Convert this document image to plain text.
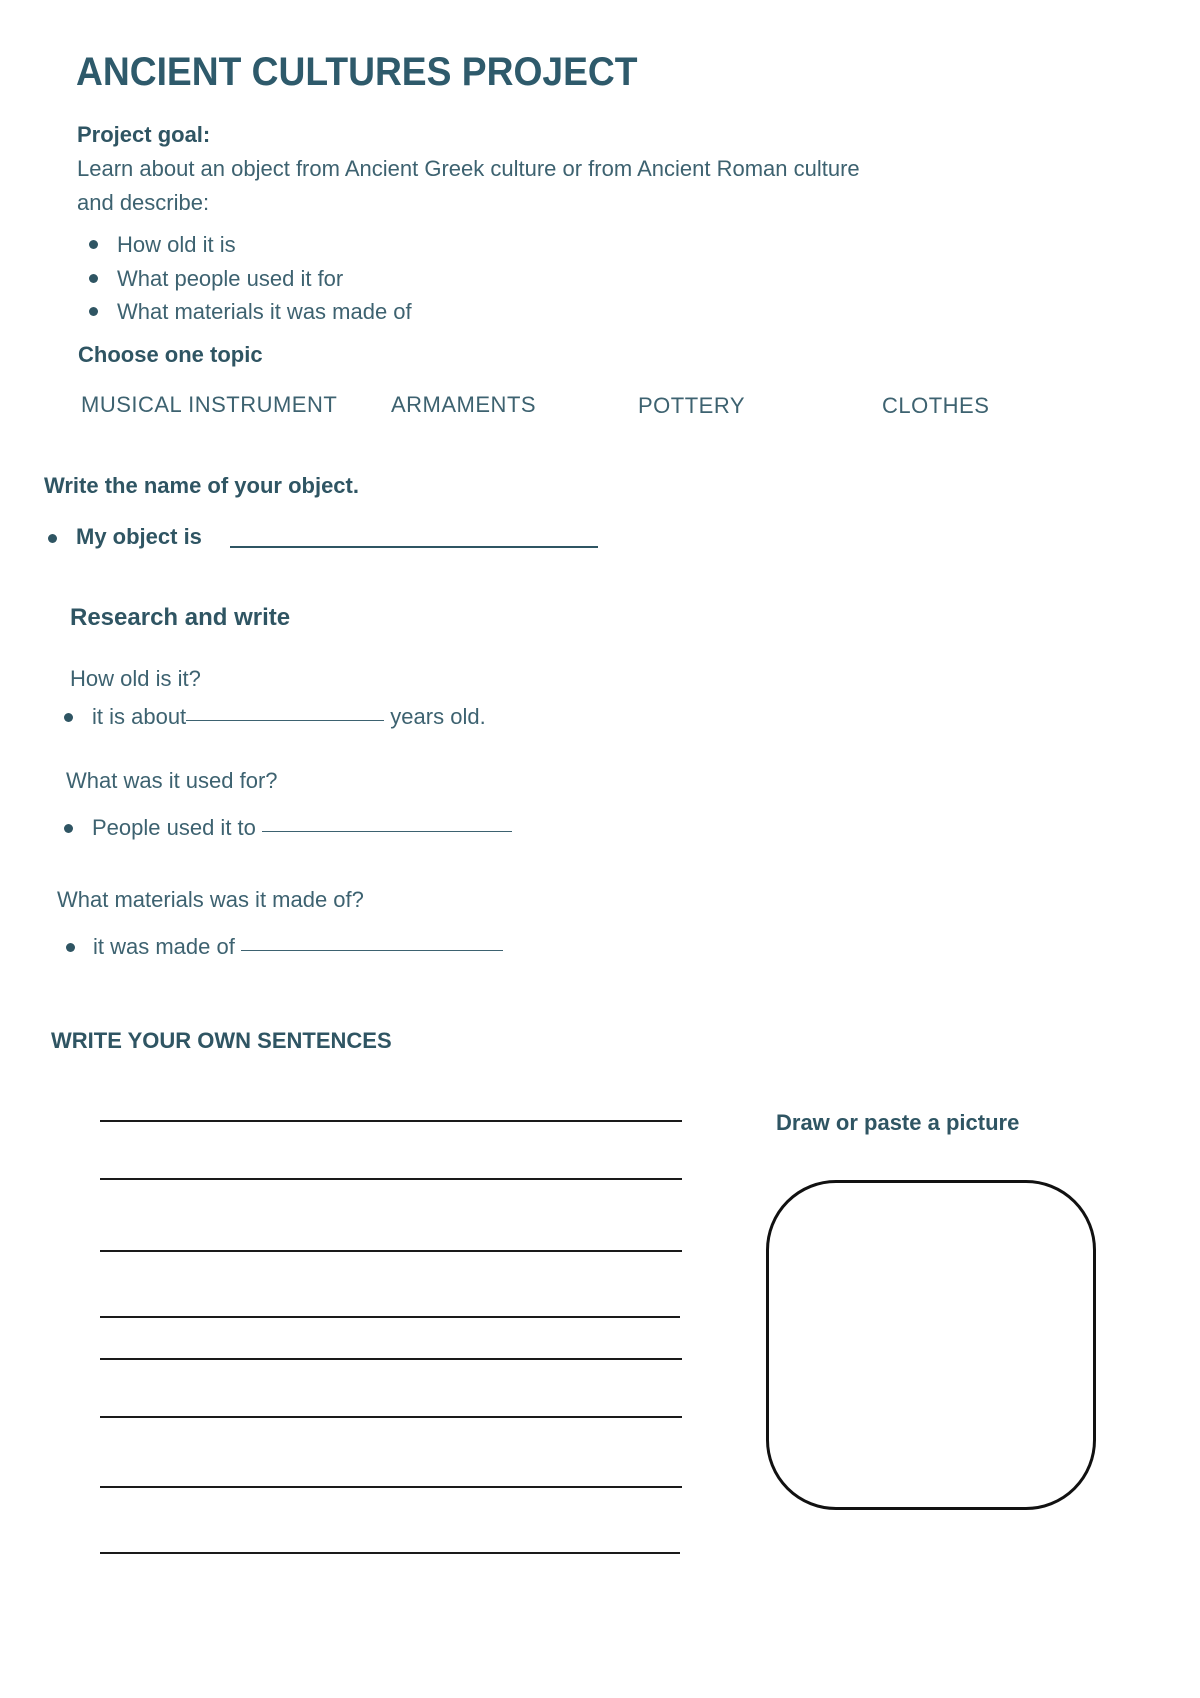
ANCIENT CULTURES PROJECT
Project goal:
Learn about an object from Ancient Greek culture or from Ancient Roman culture
and describe:
How old it is
What people used it for
What materials it was made of
Choose one topic
MUSICAL INSTRUMENT ARMAMENTS	POTTERY	CLOTHES
Write the name of your object.
My object is
Research and write
How old is it?
it is about	years old.
What was it used for?
People used it to
What materials was it made of?
it was made of
WRITE YOUR OWN SENTENCES
Draw or paste a picture
